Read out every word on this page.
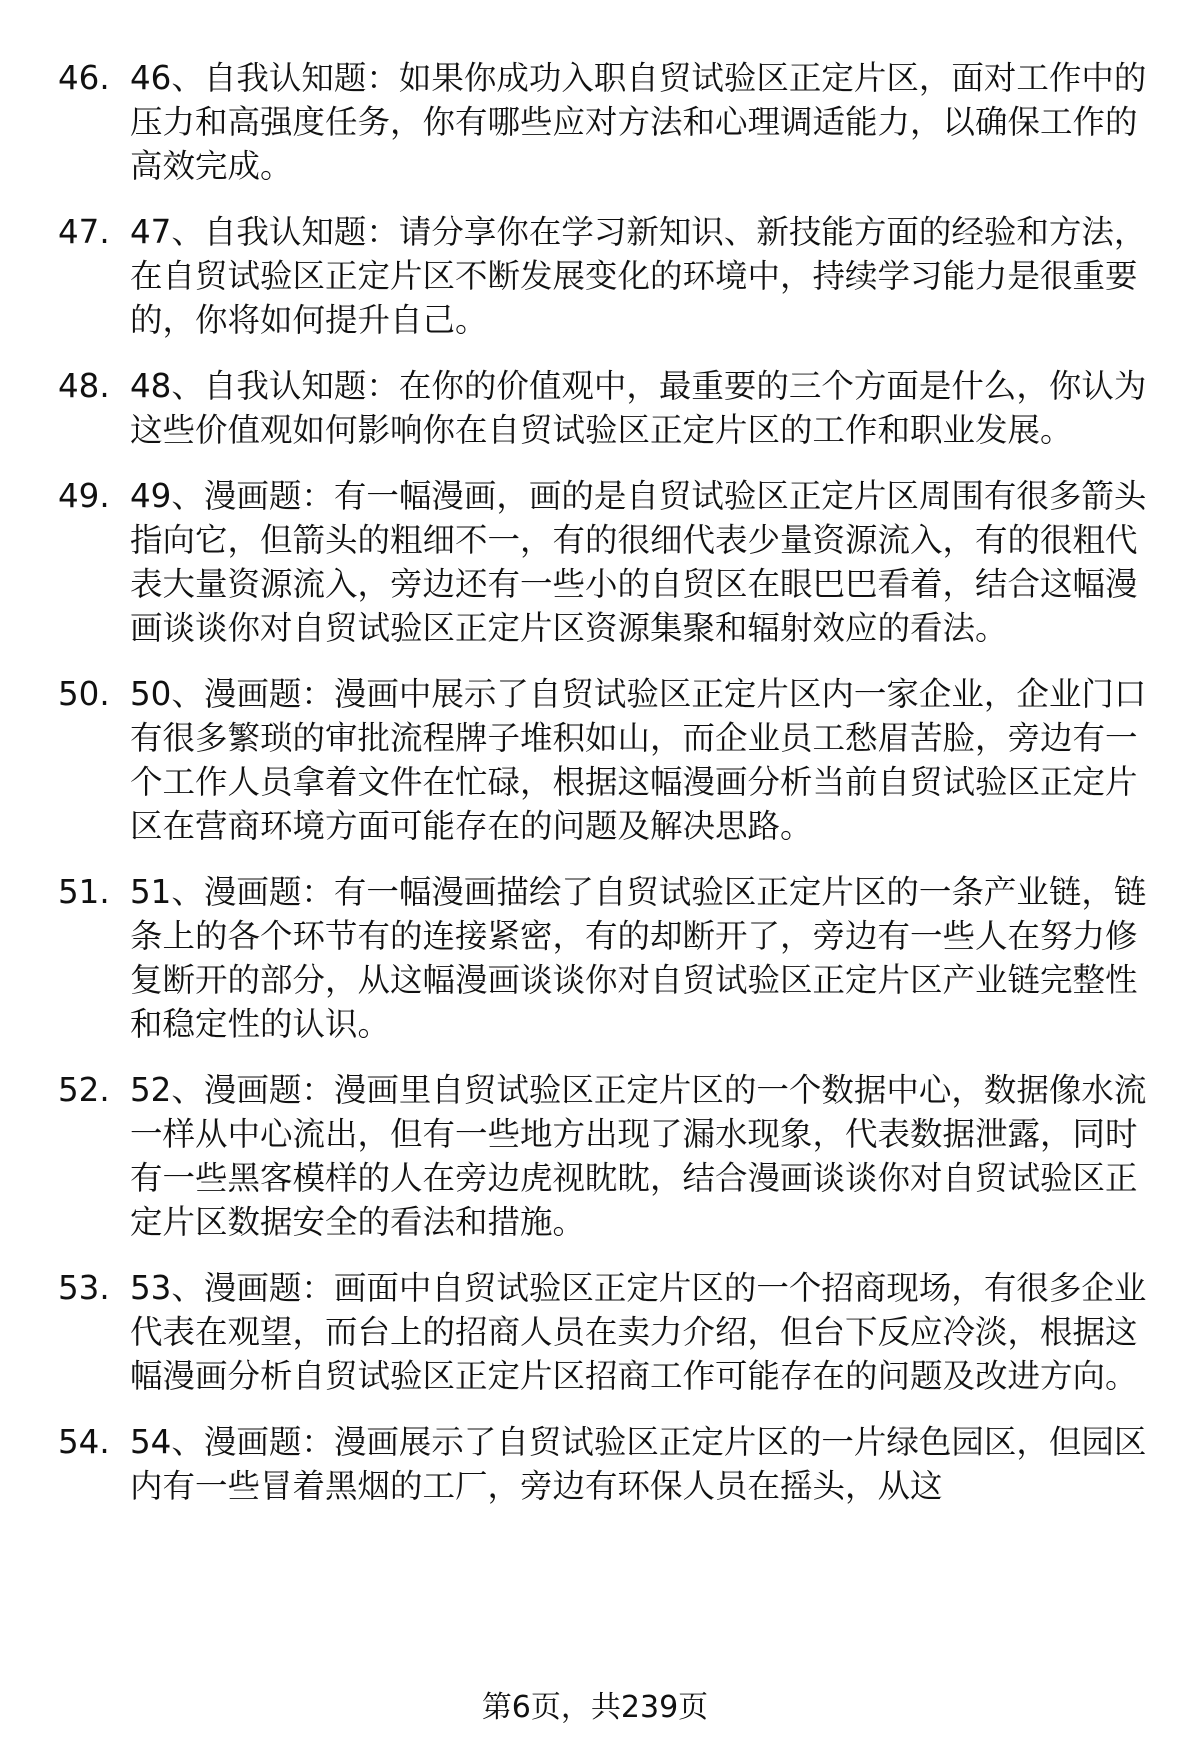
46. 46、自我认知题：如果你成功入职自贸试验区正定片区，面对工作中的压力和高强度任务，你有哪些应对方法和心理调适能力，以确保工作的高效完成。
47. 47、自我认知题：请分享你在学习新知识、新技能方面的经验和方法，在自贸试验区正定片区不断发展变化的环境中，持续学习能力是很重要的，你将如何提升自己。
48. 48、自我认知题：在你的价值观中，最重要的三个方面是什么，你认为这些价值观如何影响你在自贸试验区正定片区的工作和职业发展。
49. 49、漫画题：有一幅漫画，画的是自贸试验区正定片区周围有很多箭头指向它，但箭头的粗细不一，有的很细代表少量资源流入，有的很粗代表大量资源流入，旁边还有一些小的自贸区在眼巴巴看着，结合这幅漫画谈谈你对自贸试验区正定片区资源集聚和辐射效应的看法。
50. 50、漫画题：漫画中展示了自贸试验区正定片区内一家企业，企业门口有很多繁琐的审批流程牌子堆积如山，而企业员工愁眉苦脸，旁边有一个工作人员拿着文件在忙碌，根据这幅漫画分析当前自贸试验区正定片区在营商环境方面可能存在的问题及解决思路。
51. 51、漫画题：有一幅漫画描绘了自贸试验区正定片区的一条产业链，链条上的各个环节有的连接紧密，有的却断开了，旁边有一些人在努力修复断开的部分，从这幅漫画谈谈你对自贸试验区正定片区产业链完整性和稳定性的认识。
52. 52、漫画题：漫画里自贸试验区正定片区的一个数据中心，数据像水流一样从中心流出，但有一些地方出现了漏水现象，代表数据泄露，同时有一些黑客模样的人在旁边虎视眈眈，结合漫画谈谈你对自贸试验区正定片区数据安全的看法和措施。
53. 53、漫画题：画面中自贸试验区正定片区的一个招商现场，有很多企业代表在观望，而台上的招商人员在卖力介绍，但台下反应冷淡，根据这幅漫画分析自贸试验区正定片区招商工作可能存在的问题及改进方向。
54. 54、漫画题：漫画展示了自贸试验区正定片区的一片绿色园区，但园区内有一些冒着黑烟的工厂，旁边有环保人员在摇头，从这
第6页，共239页
